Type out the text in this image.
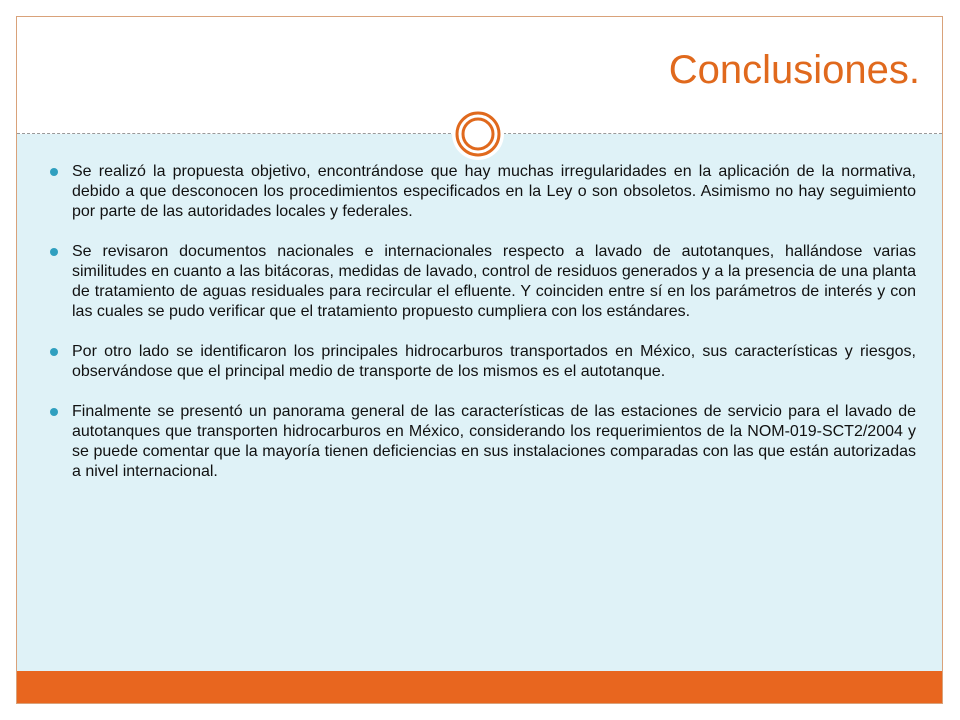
Conclusiones.
Se realizó la propuesta objetivo, encontrándose que hay muchas irregularidades en la aplicación de la normativa, debido a que desconocen los procedimientos especificados en la Ley o son obsoletos. Asimismo no hay seguimiento por parte de las autoridades locales y federales.
Se revisaron documentos nacionales e internacionales respecto a lavado de autotanques, hallándose varias similitudes en cuanto a las bitácoras, medidas de lavado, control de residuos generados y a la presencia de una planta de tratamiento de aguas residuales para recircular el efluente. Y coinciden entre sí en los parámetros de interés y con las cuales se pudo verificar que el tratamiento propuesto cumpliera con los estándares.
Por otro lado se identificaron los principales hidrocarburos transportados en México, sus características y riesgos, observándose que el principal medio de transporte de los mismos es el autotanque.
Finalmente se presentó un panorama general de las características de las estaciones de servicio para el lavado de autotanques que transporten hidrocarburos en México, considerando los requerimientos de la NOM-019-SCT2/2004 y se puede comentar que la mayoría tienen deficiencias en sus instalaciones comparadas con las que están autorizadas a nivel internacional.
